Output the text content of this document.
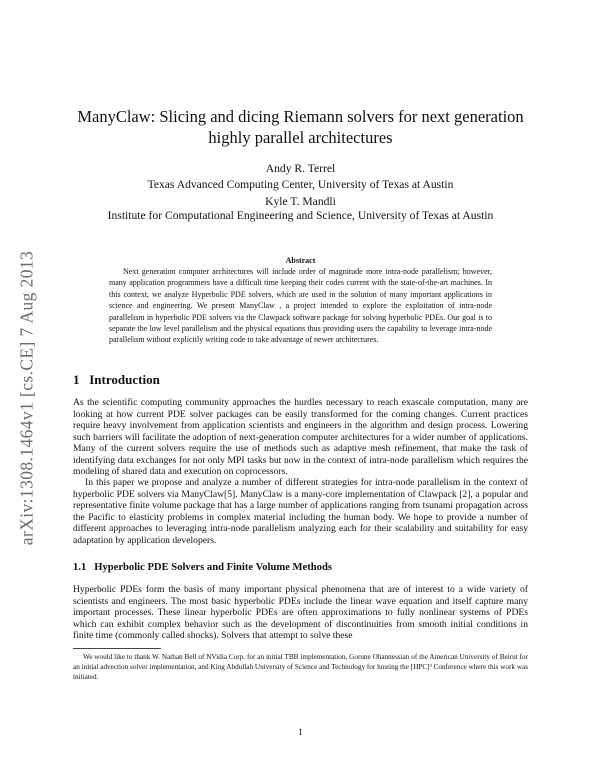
arXiv:1308.1464v1 [cs.CE] 7 Aug 2013
ManyClaw: Slicing and dicing Riemann solvers for next generation highly parallel architectures
Andy R. Terrel
Texas Advanced Computing Center, University of Texas at Austin
Kyle T. Mandli
Institute for Computational Engineering and Science, University of Texas at Austin
Abstract
Next generation computer architectures will include order of magnitude more intra-node parallelism; however, many application programmers have a difficult time keeping their codes current with the state-of-the-art machines. In this context, we analyze Hyperbolic PDE solvers, which are used in the solution of many important applications in science and engineering. We present ManyClaw , a project intended to explore the exploitation of intra-node parallelism in hyperbolic PDE solvers via the Clawpack software package for solving hyperbolic PDEs. Our goal is to separate the low level parallelism and the physical equations thus providing users the capability to leverage intra-node parallelism without explicitly writing code to take advantage of newer architectures.
1 Introduction

As the scientific computing community approaches the hurdles necessary to reach exascale computation, many are looking at how current PDE solver packages can be easily transformed for the coming changes. Current practices require heavy involvement from application scientists and engineers in the algorithm and design process. Lowering such barriers will facilitate the adoption of next-generation computer architectures for a wider number of applications. Many of the current solvers require the use of methods such as adaptive mesh refinement, that make the task of identifying data exchanges for not only MPI tasks but now in the context of intra-node parallelism which requires the modeling of shared data and execution on coprocessors.

In this paper we propose and analyze a number of different strategies for intra-node parallelism in the context of hyperbolic PDE solvers via ManyClaw[5]. ManyClaw is a many-core implementation of Clawpack [2], a popular and representative finite volume package that has a large number of applications ranging from tsunami propagation across the Pacific to elasticity problems in complex material including the human body. We hope to provide a number of different approaches to leveraging intra-node parallelism analyzing each for their scalability and suitability for easy adaptation by application developers.

1.1 Hyperbolic PDE Solvers and Finite Volume Methods

Hyperbolic PDEs form the basis of many important physical phenomena that are of interest to a wide variety of scientists and engineers. The most basic hyperbolic PDEs include the linear wave equation and itself capture many important processes. These linear hyperbolic PDEs are often approximations to fully nonlinear systems of PDEs which can exhibit complex behavior such as the development of discontinuities from smooth initial conditions in finite time (commonly called shocks). Solvers that attempt to solve these

We would like to thank W. Nathan Bell of NVidia Corp. for an initial TBB implementation, Gorune Ohannessian of the American University of Beirut for an initial advection solver implementation, and King Abdullah University of Science and Technology for hosting the [HPC]³ Conference where this work was initiated.
1
